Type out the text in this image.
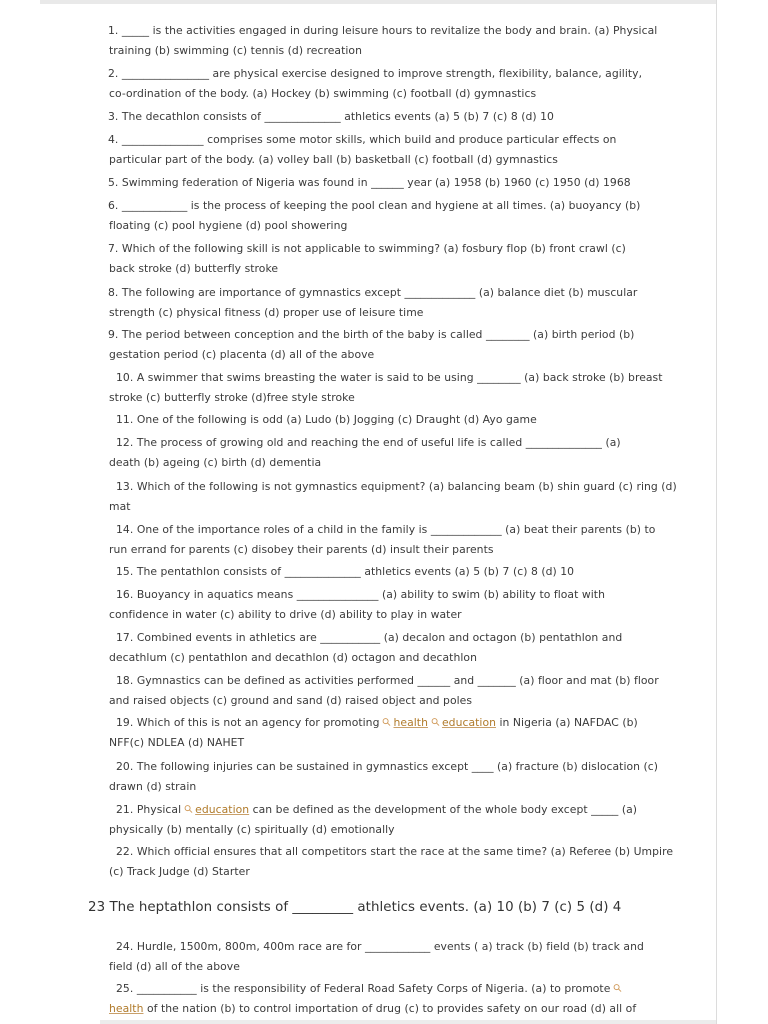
1. _____ is the activities engaged in during leisure hours to revitalize the body and brain. (a) Physical
training (b) swimming (c) tennis (d) recreation
2. ________________ are physical exercise designed to improve strength, flexibility, balance, agility,
co-ordination of the body. (a) Hockey (b) swimming (c) football (d) gymnastics
3. The decathlon consists of ______________ athletics events (a) 5 (b) 7 (c) 8 (d) 10
4. _______________ comprises some motor skills, which build and produce particular effects on
particular part of the body. (a) volley ball (b) basketball (c) football (d) gymnastics
5. Swimming federation of Nigeria was found in ______ year (a) 1958 (b) 1960 (c) 1950 (d) 1968
6. ____________ is the process of keeping the pool clean and hygiene at all times. (a) buoyancy (b)
floating (c) pool hygiene (d) pool showering
7. Which of the following skill is not applicable to swimming? (a) fosbury flop (b) front crawl (c)
back stroke (d) butterfly stroke
8. The following are importance of gymnastics except _____________ (a) balance diet (b) muscular
strength (c) physical fitness (d) proper use of leisure time
9. The period between conception and the birth of the baby is called ________ (a) birth period (b)
gestation period (c) placenta (d) all of the above
10. A swimmer that swims breasting the water is said to be using ________ (a) back stroke (b) breast
stroke (c) butterfly stroke (d)free style stroke
11. One of the following is odd (a) Ludo (b) Jogging (c) Draught (d) Ayo game
12. The process of growing old and reaching the end of useful life is called ______________ (a)
death (b) ageing (c) birth (d) dementia
13. Which of the following is not gymnastics equipment? (a) balancing beam (b) shin guard (c) ring (d)
mat
14. One of the importance roles of a child in the family is _____________ (a) beat their parents (b) to
run errand for parents (c) disobey their parents (d) insult their parents
15. The pentathlon consists of ______________ athletics events (a) 5 (b) 7 (c) 8 (d) 10
16. Buoyancy in aquatics means _______________ (a) ability to swim (b) ability to float with
confidence in water (c) ability to drive (d) ability to play in water
17. Combined events in athletics are ___________ (a) decalon and octagon (b) pentathlon and
decathlum (c) pentathlon and decathlon (d) octagon and decathlon
18. Gymnastics can be defined as activities performed ______ and _______ (a) floor and mat (b) floor
and raised objects (c) ground and sand (d) raised object and poles
19. Which of this is not an agency for promoting health education in Nigeria (a) NAFDAC (b)
NFF(c) NDLEA (d) NAHET
20. The following injuries can be sustained in gymnastics except ____ (a) fracture (b) dislocation (c)
drawn (d) strain
21. Physical education can be defined as the development of the whole body except _____ (a)
physically (b) mentally (c) spiritually (d) emotionally
22. Which official ensures that all competitors start the race at the same time? (a) Referee (b) Umpire
(c) Track Judge (d) Starter
23 The heptathlon consists of _________ athletics events. (a) 10 (b) 7 (c) 5 (d) 4
24. Hurdle, 1500m, 800m, 400m race are for ____________ events ( a) track (b) field (b) track and
field (d) all of the above
25. ___________ is the responsibility of Federal Road Safety Corps of Nigeria. (a) to promote
health of the nation (b) to control importation of drug (c) to provides safety on our road (d) all of
